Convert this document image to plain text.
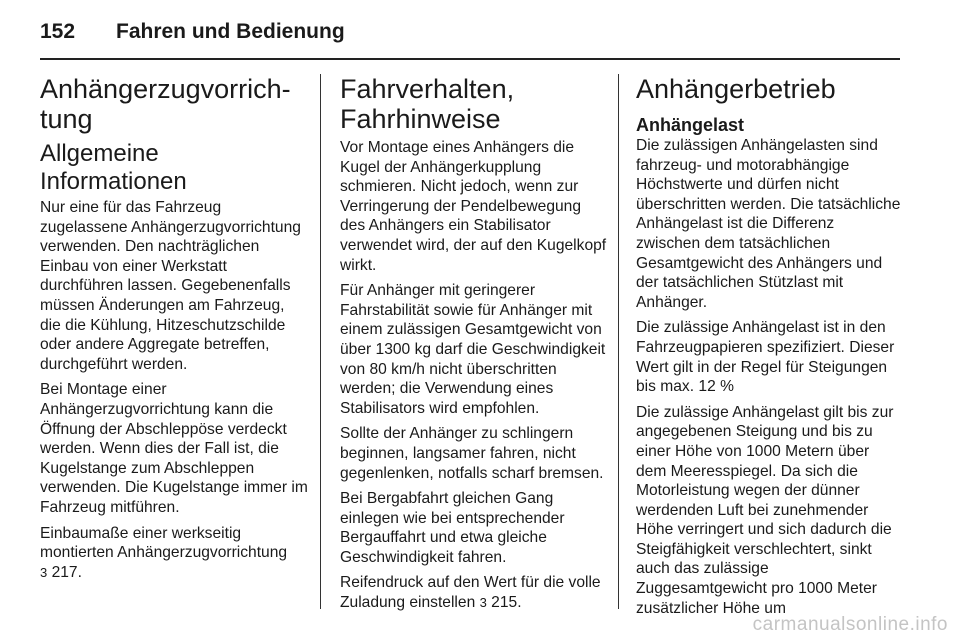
152 Fahren und Bedienung
Anhängerzugvorrich-
tung
Allgemeine Informationen

Nur eine für das Fahrzeug zugelassene Anhängerzugvorrichtung verwenden. Den nachträglichen Einbau von einer Werkstatt durchführen lassen. Gegebenenfalls müssen Änderungen am Fahrzeug, die die Kühlung, Hitzeschutzschilde oder andere Aggregate betreffen, durchgeführt werden.

Bei Montage einer Anhängerzugvorrichtung kann die Öffnung der Abschleppöse verdeckt werden. Wenn dies der Fall ist, die Kugelstange zum Abschleppen verwenden. Die Kugelstange immer im Fahrzeug mitführen.

Einbaumaße einer werkseitig montierten Anhängerzugvorrichtung
3 217.

Fahrverhalten,
Fahrhinweise

Vor Montage eines Anhängers die Kugel der Anhängerkupplung schmieren. Nicht jedoch, wenn zur Verringerung der Pendelbewegung des Anhängers ein Stabilisator verwendet wird, der auf den Kugelkopf wirkt.

Für Anhänger mit geringerer Fahrstabilität sowie für Anhänger mit einem zulässigen Gesamtgewicht von über 1300 kg darf die Geschwindigkeit von 80 km/h nicht überschritten werden; die Verwendung eines Stabilisators wird empfohlen.

Sollte der Anhänger zu schlingern beginnen, langsamer fahren, nicht gegenlenken, notfalls scharf bremsen.

Bei Bergabfahrt gleichen Gang einlegen wie bei entsprechender Bergauffahrt und etwa gleiche Geschwindigkeit fahren.

Reifendruck auf den Wert für die volle Zuladung einstellen 3 215.

Anhängerbetrieb
Anhängelast

Die zulässigen Anhängelasten sind fahrzeug- und motorabhängige Höchstwerte und dürfen nicht überschritten werden. Die tatsächliche Anhängelast ist die Differenz zwischen dem tatsächlichen Gesamtgewicht des Anhängers und der tatsächlichen Stützlast mit Anhänger.

Die zulässige Anhängelast ist in den Fahrzeugpapieren spezifiziert. Dieser Wert gilt in der Regel für Steigungen bis max. 12 %

Die zulässige Anhängelast gilt bis zur angegebenen Steigung und bis zu einer Höhe von 1000 Metern über dem Meeresspiegel. Da sich die Motorleistung wegen der dünner werdenden Luft bei zunehmender Höhe verringert und sich dadurch die Steigfähigkeit verschlechtert, sinkt auch das zulässige Zuggesamtgewicht pro 1000 Meter zusätzlicher Höhe um

carmanualsonline.info
